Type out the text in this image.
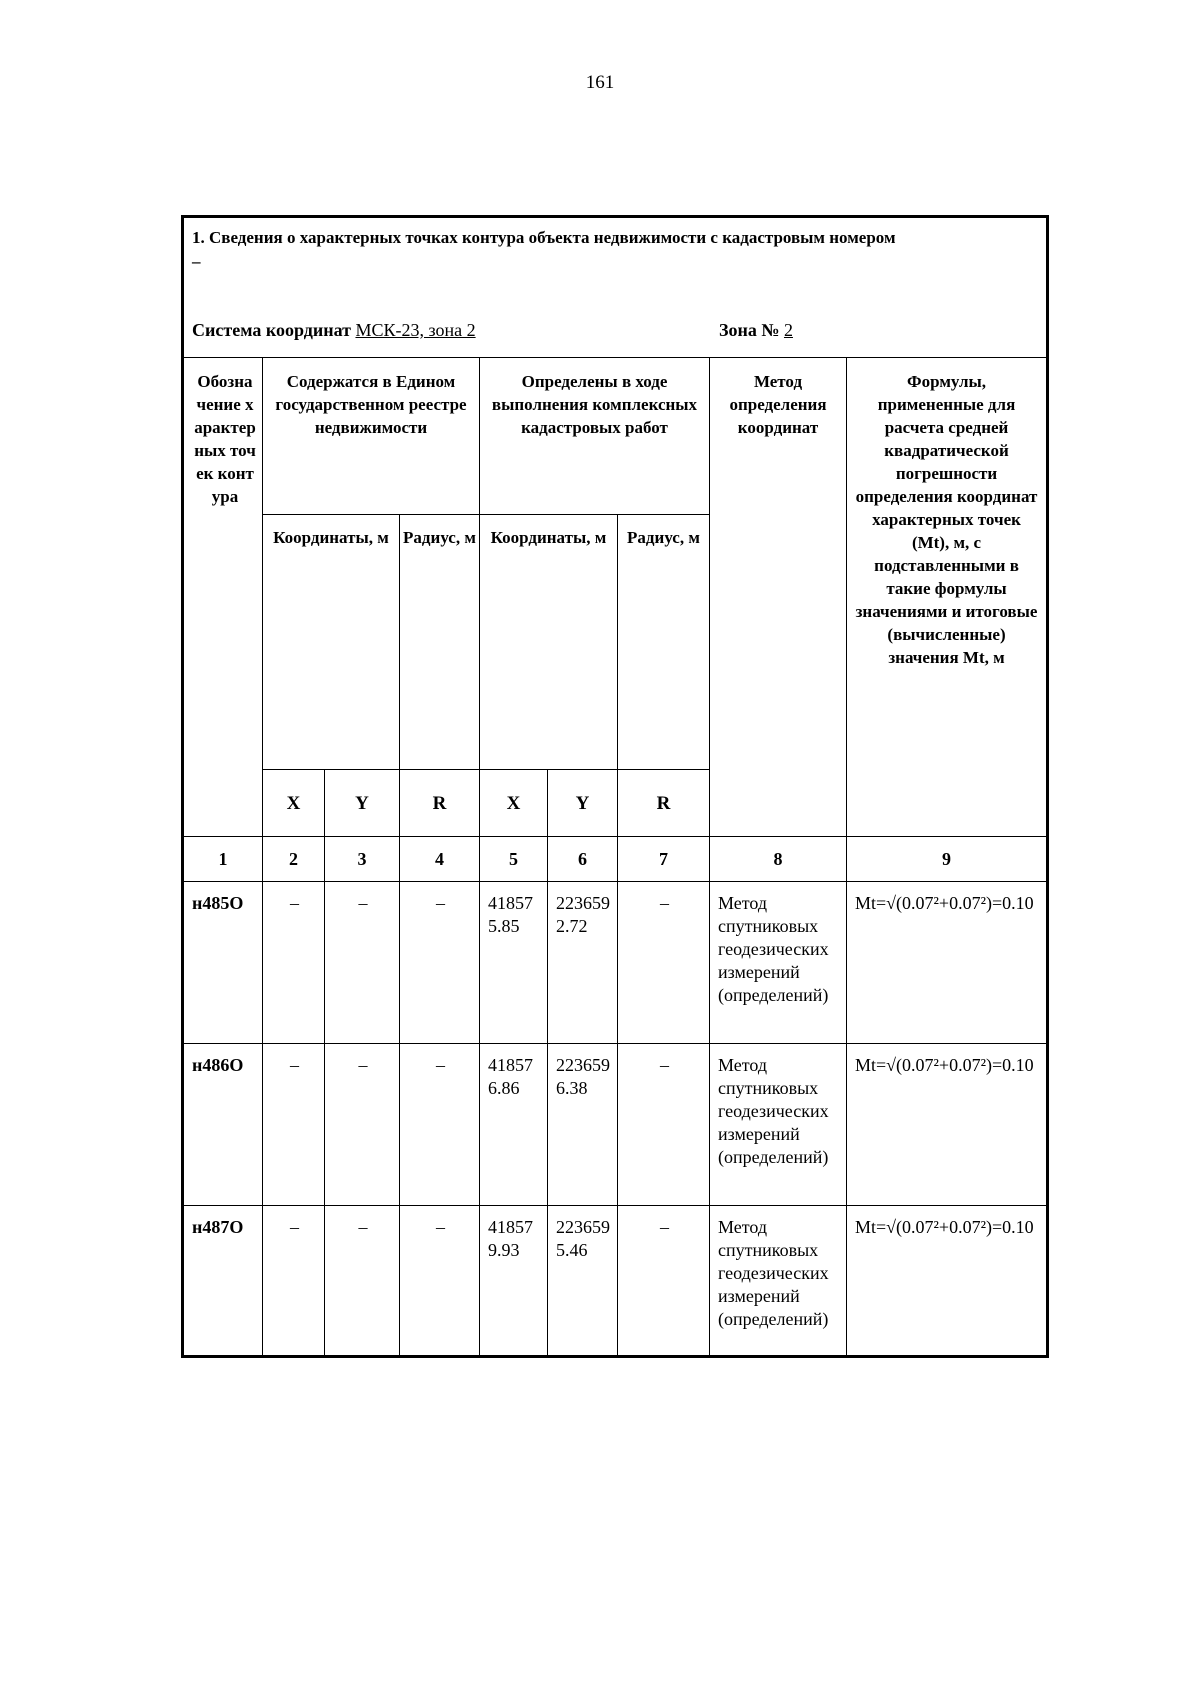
161
1. Сведения о характерных точках контура объекта недвижимости с кадастровым номером
–
Система координат МСК-23, зона 2 Зона № 2								

Обозначение характерных точек контура	Содержатся в Едином государственном реестре недвижимости			Определены в ходе выполнения комплексных кадастровых работ			Метод определения координат	Формулы, примененные для расчета средней квадратической погрешности определения координат характерных точек (Mt), м, с подставленными в такие формулы значениями и итоговые (вычисленные) значения Mt, м
	Координаты, м		Радиус, м	Координаты, м		Радиус, м		
	X	Y	R	X	Y	R		
1	2	3	4	5	6	7	8	9
н485О	–	–	–	418575.85	2236592.72	–	Метод спутниковых геодезических измерений (определений)	Mt=√(0.07²+0.07²)=0.10
н486О	–	–	–	418576.86	2236596.38	–	Метод спутниковых геодезических измерений (определений)	Mt=√(0.07²+0.07²)=0.10
н487О	–	–	–	418579.93	2236595.46	–	Метод спутниковых геодезических измерений (определений)	Mt=√(0.07²+0.07²)=0.10
